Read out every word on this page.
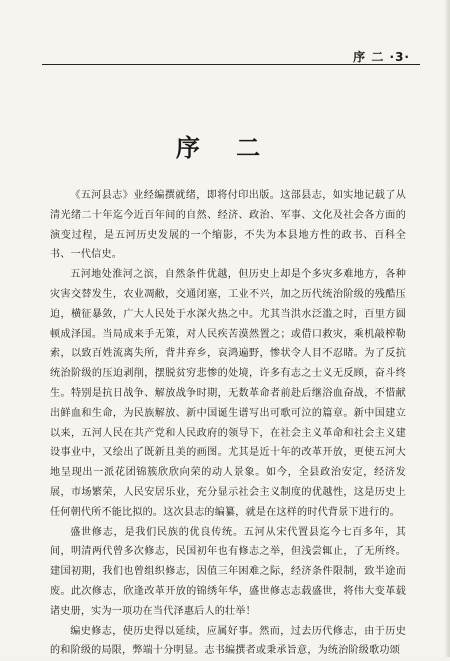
序 二 ·3·
序 二

《五河县志》业经编撰就绪，即将付印出版。这部县志，如实地记载了从清光绪二十年迄今近百年间的自然、经济、政治、军事、文化及社会各方面的演变过程，是五河历史发展的一个缩影，不失为本县地方性的政书、百科全书、一代信史。

五河地处淮河之滨，自然条件优越，但历史上却是个多灾多难地方，各种灾害交替发生，农业凋敝，交通闭塞，工业不兴，加之历代统治阶级的残酷压迫，横征暴敛，广大人民处于水深火热之中。尤其当洪水泛滥之时，百里方圆顿成泽国。当局成来手无策，对人民疾苦漠然置之；或借口救灾，乘机敲榨勒索，以致百姓流离失所，背井弃乡，哀鸿遍野，惨状令人目不忍睹。为了反抗统治阶级的压迫剥削，摆脱贫穷悲惨的处境，许多有志之士义无反顾，奋斗终生。特别是抗日战争、解放战争时期，无数革命者前赴后继浴血奋战，不惜献出鲜血和生命，为民族解放、新中国诞生谱写出可歌可泣的篇章。新中国建立以来，五河人民在共产党和人民政府的领导下，在社会主义革命和社会主义建设事业中，又绘出了既新且美的画图。尤其是近十年的改革开放，更使五河大地呈现出一派花团锦簇欣欣向荣的动人景象。如今，全县政治安定，经济发展，市场繁荣，人民安居乐业，充分显示社会主义制度的优越性，这是历史上任何朝代所不能比拟的。这次县志的编纂，就是在这样的时代背景下进行的。

盛世修志，是我们民族的优良传统。五河从宋代置县迄今七百多年，其间，明清两代曾多次修志，民国初年也有修志之举，但浅尝辄止，了无所终。建国初期，我们也曾组织修志，因值三年困难之际，经济条件限制，致半途而废。此次修志，欣逢改革开放的锦绣年华，盛世修志志载盛世，将伟大变革载诸史册，实为一项功在当代泽惠后人的壮举！

编史修志，使历史得以延续，应属好事。然而，过去历代修志，由于历史的和阶级的局限，弊端十分明显。志书编撰者或秉承旨意，为统治阶级歌功颂
